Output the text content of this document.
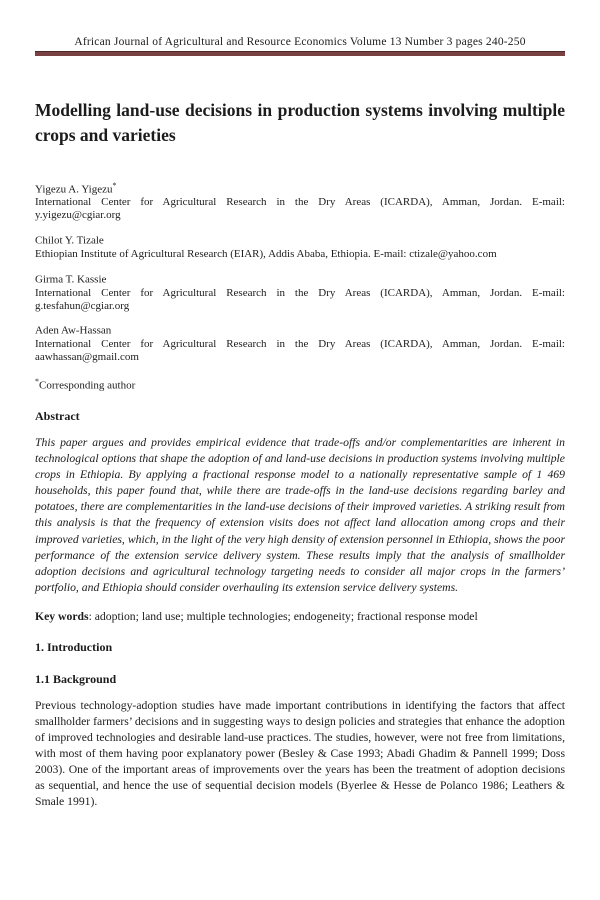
African Journal of Agricultural and Resource Economics Volume 13 Number 3 pages 240-250
Modelling land-use decisions in production systems involving multiple crops and varieties
Yigezu A. Yigezu*
International Center for Agricultural Research in the Dry Areas (ICARDA), Amman, Jordan. E-mail: y.yigezu@cgiar.org
Chilot Y. Tizale
Ethiopian Institute of Agricultural Research (EIAR), Addis Ababa, Ethiopia. E-mail: ctizale@yahoo.com
Girma T. Kassie
International Center for Agricultural Research in the Dry Areas (ICARDA), Amman, Jordan. E-mail: g.tesfahun@cgiar.org
Aden Aw-Hassan
International Center for Agricultural Research in the Dry Areas (ICARDA), Amman, Jordan. E-mail: aawhassan@gmail.com

*Corresponding author

Abstract

This paper argues and provides empirical evidence that trade-offs and/or complementarities are inherent in technological options that shape the adoption of and land-use decisions in production systems involving multiple crops in Ethiopia. By applying a fractional response model to a nationally representative sample of 1 469 households, this paper found that, while there are trade-offs in the land-use decisions regarding barley and potatoes, there are complementarities in the land-use decisions of their improved varieties. A striking result from this analysis is that the frequency of extension visits does not affect land allocation among crops and their improved varieties, which, in the light of the very high density of extension personnel in Ethiopia, shows the poor performance of the extension service delivery system. These results imply that the analysis of smallholder adoption decisions and agricultural technology targeting needs to consider all major crops in the farmers’ portfolio, and Ethiopia should consider overhauling its extension service delivery systems.

Key words: adoption; land use; multiple technologies; endogeneity; fractional response model

1. Introduction
1.1 Background

Previous technology-adoption studies have made important contributions in identifying the factors that affect smallholder farmers’ decisions and in suggesting ways to design policies and strategies that enhance the adoption of improved technologies and desirable land-use practices. The studies, however, were not free from limitations, with most of them having poor explanatory power (Besley & Case 1993; Abadi Ghadim & Pannell 1999; Doss 2003). One of the important areas of improvements over the years has been the treatment of adoption decisions as sequential, and hence the use of sequential decision models (Byerlee & Hesse de Polanco 1986; Leathers & Smale 1991).
